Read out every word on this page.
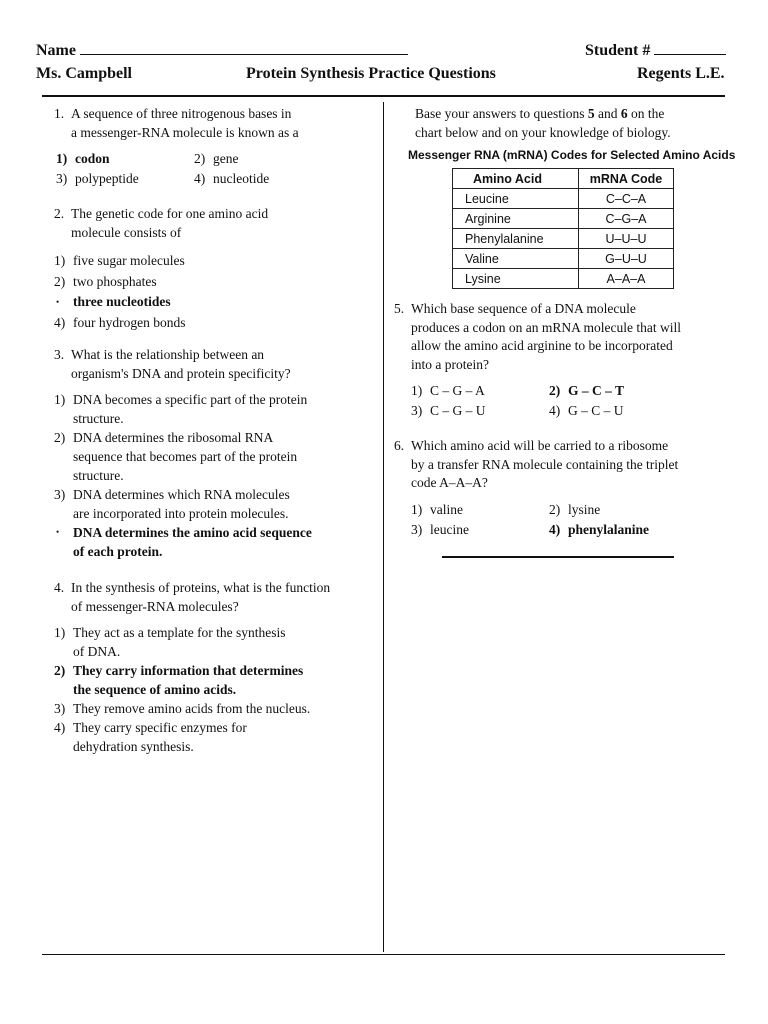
Name	Student #
Ms. Campbell	Protein Synthesis Practice Questions	Regents L.E.
1. A sequence of three nitrogenous bases in
a messenger-RNA molecule is known as a
1) codon	2) gene
3) polypeptide	4) nucleotide
2. The genetic code for one amino acid
molecule consists of
1) five sugar molecules
2) two phosphates
• three nucleotides
4) four hydrogen bonds
3. What is the relationship between an
organism's DNA and protein specificity?
1) DNA becomes a specific part of the protein
structure.
2) DNA determines the ribosomal RNA
sequence that becomes part of the protein
structure.
3) DNA determines which RNA molecules
are incorporated into protein molecules.
• DNA determines the amino acid sequence
of each protein.
4. In the synthesis of proteins, what is the function
of messenger-RNA molecules?
1) They act as a template for the synthesis
of DNA.
2) They carry information that determines
the sequence of amino acids.
3) They remove amino acids from the nucleus.
4) They carry specific enzymes for
dehydration synthesis.
Base your answers to questions 5 and 6 on the
chart below and on your knowledge of biology.
Messenger RNA (mRNA) Codes for Selected Amino Acids
Amino Acid	mRNA Code
Leucine	C–C–A
Arginine	C–G–A
Phenylalanine	U–U–U
Valine	G–U–U
Lysine	A–A–A
5. Which base sequence of a DNA molecule
produces a codon on an mRNA molecule that will
allow the amino acid arginine to be incorporated
into a protein?
1) C – G – A	2) G – C – T
3) C – G – U	4) G – C – U
6. Which amino acid will be carried to a ribosome
by a transfer RNA molecule containing the triplet
code A–A–A?
1) valine	2) lysine
3) leucine	4) phenylalanine
